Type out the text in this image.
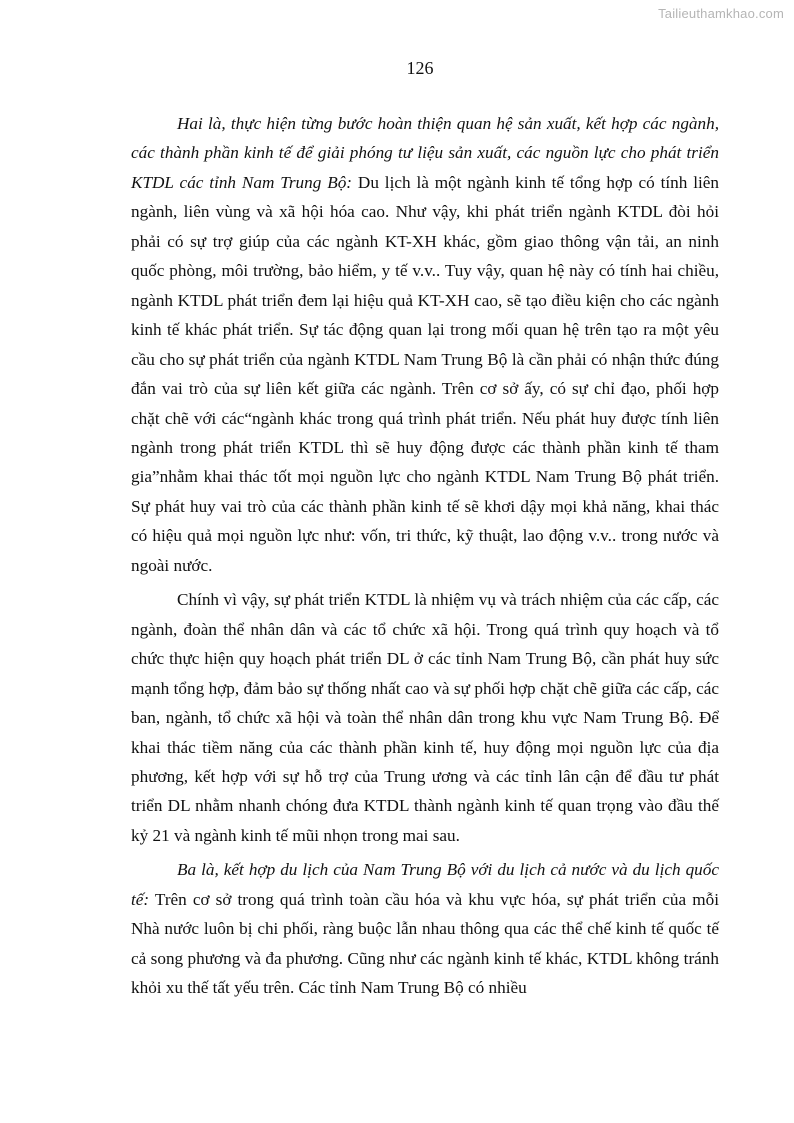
Tailieuthamkhao.com
126

Hai là, thực hiện từng bước hoàn thiện quan hệ sản xuất, kết hợp các ngành, các thành phần kinh tế để giải phóng tư liệu sản xuất, các nguồn lực cho phát triển KTDL các tỉnh Nam Trung Bộ: Du lịch là một ngành kinh tế tổng hợp có tính liên ngành, liên vùng và xã hội hóa cao. Như vậy, khi phát triển ngành KTDL đòi hỏi phải có sự trợ giúp của các ngành KT-XH khác, gồm giao thông vận tải, an ninh quốc phòng, môi trường, bảo hiểm, y tế v.v.. Tuy vậy, quan hệ này có tính hai chiều, ngành KTDL phát triển đem lại hiệu quả KT-XH cao, sẽ tạo điều kiện cho các ngành kinh tế khác phát triển. Sự tác động quan lại trong mối quan hệ trên tạo ra một yêu cầu cho sự phát triển của ngành KTDL Nam Trung Bộ là cần phải có nhận thức đúng đắn vai trò của sự liên kết giữa các ngành. Trên cơ sở ấy, có sự chỉ đạo, phối hợp chặt chẽ với các“ngành khác trong quá trình phát triển. Nếu phát huy được tính liên ngành trong phát triển KTDL thì sẽ huy động được các thành phần kinh tế tham gia”nhằm khai thác tốt mọi nguồn lực cho ngành KTDL Nam Trung Bộ phát triển. Sự phát huy vai trò của các thành phần kinh tế sẽ khơi dậy mọi khả năng, khai thác có hiệu quả mọi nguồn lực như: vốn, tri thức, kỹ thuật, lao động v.v.. trong nước và ngoài nước.

Chính vì vậy, sự phát triển KTDL là nhiệm vụ và trách nhiệm của các cấp, các ngành, đoàn thể nhân dân và các tổ chức xã hội. Trong quá trình quy hoạch và tổ chức thực hiện quy hoạch phát triển DL ở các tỉnh Nam Trung Bộ, cần phát huy sức mạnh tổng hợp, đảm bảo sự thống nhất cao và sự phối hợp chặt chẽ giữa các cấp, các ban, ngành, tổ chức xã hội và toàn thể nhân dân trong khu vực Nam Trung Bộ. Để khai thác tiềm năng của các thành phần kinh tế, huy động mọi nguồn lực của địa phương, kết hợp với sự hỗ trợ của Trung ương và các tỉnh lân cận để đầu tư phát triển DL nhằm nhanh chóng đưa KTDL thành ngành kinh tế quan trọng vào đầu thế kỷ 21 và ngành kinh tế mũi nhọn trong mai sau.

Ba là, kết hợp du lịch của Nam Trung Bộ với du lịch cả nước và du lịch quốc tế: Trên cơ sở trong quá trình toàn cầu hóa và khu vực hóa, sự phát triển của mỗi Nhà nước luôn bị chi phối, ràng buộc lẫn nhau thông qua các thể chế kinh tế quốc tế cả song phương và đa phương. Cũng như các ngành kinh tế khác, KTDL không tránh khỏi xu thế tất yếu trên. Các tỉnh Nam Trung Bộ có nhiều
